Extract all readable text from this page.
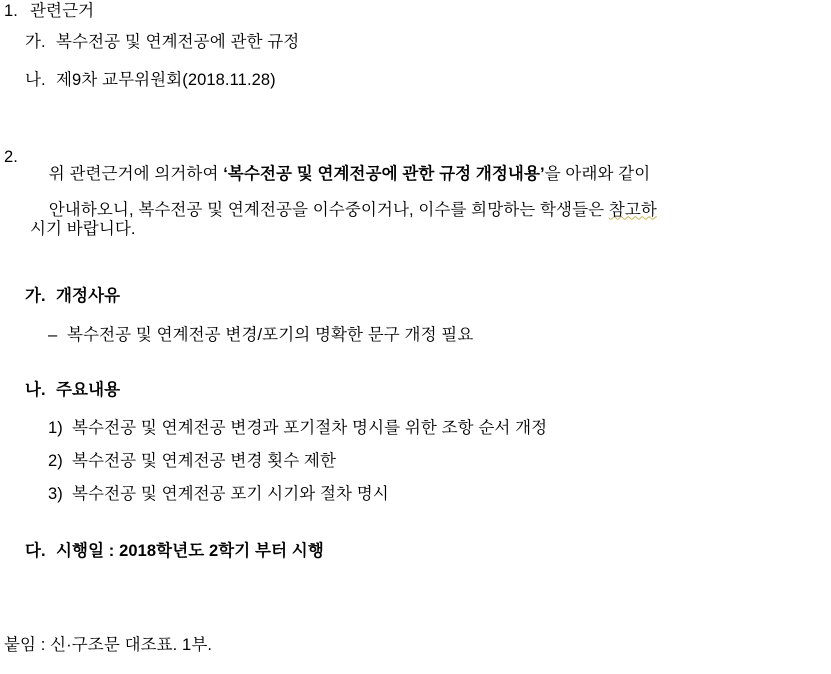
1. 관련근거
가. 복수전공 및 연계전공에 관한 규정
나. 제9차 교무위원회(2018.11.28)
2.

위 관련근거에 의거하여 ‘복수전공 및 연계전공에 관한 규정 개정내용’을 아래와 같이

안내하오니, 복수전공 및 연계전공을 이수중이거나, 이수를 희망하는 학생들은 참고하

시기 바랍니다.
가. 개정사유
– 복수전공 및 연계전공 변경/포기의 명확한 문구 개정 필요
나. 주요내용
1) 복수전공 및 연계전공 변경과 포기절차 명시를 위한 조항 순서 개정
2) 복수전공 및 연계전공 변경 횟수 제한
3) 복수전공 및 연계전공 포기 시기와 절차 명시
다. 시행일 : 2018학년도 2학기 부터 시행
붙임 : 신·구조문 대조표. 1부.
